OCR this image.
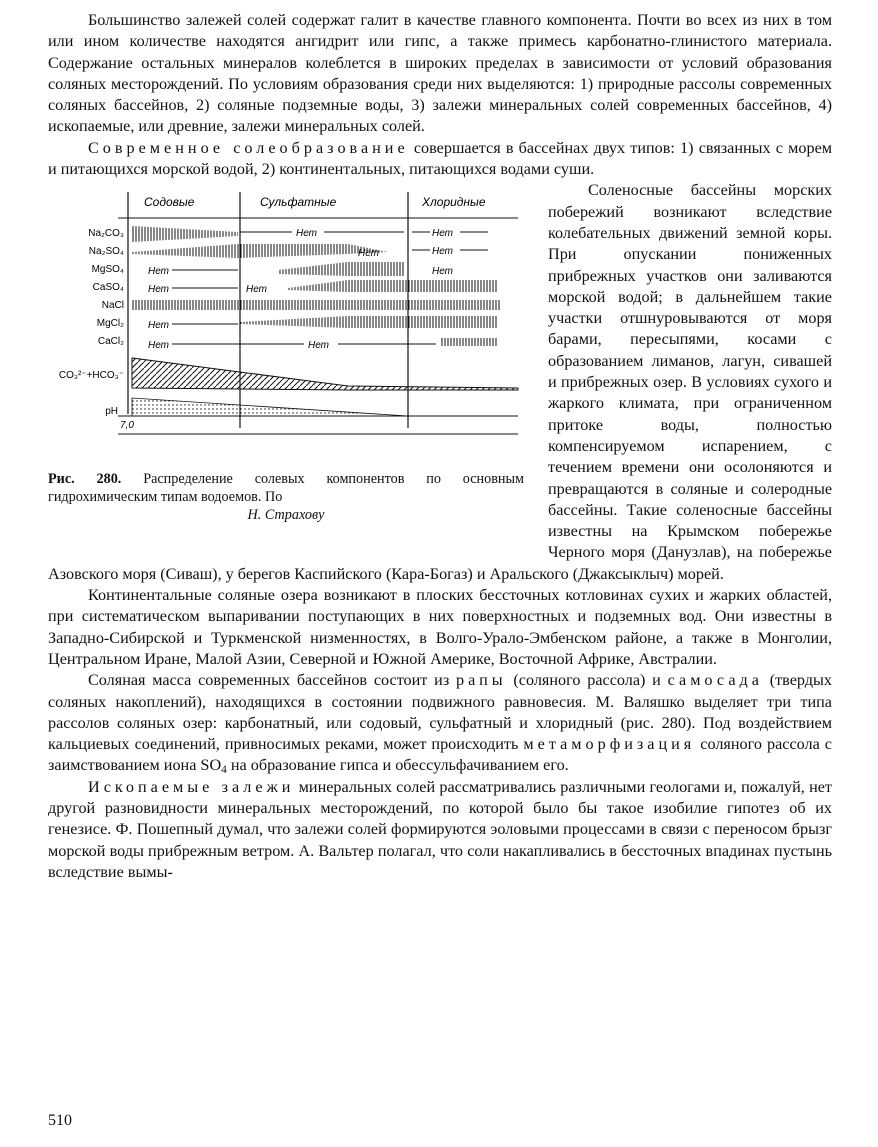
Большинство залежей солей содержат галит в качестве главного компонента. Почти во всех из них в том или ином количестве находятся ангидрит или гипс, а также примесь карбонатно-глинистого материала. Содержание остальных минералов колеблется в широких пределах в зависимости от условий образования соляных месторождений. По условиям образования среди них выделяются: 1) природные рассолы современных соляных бассейнов, 2) соляные подземные воды, 3) залежи минеральных солей современных бассейнов, 4) ископаемые, или древние, залежи минеральных солей.

Современное солеобразование совершается в бассейнах двух типов: 1) связанных с морем и питающихся морской водой, 2) континентальных, питающихся водами суши.

Содовые	Сульфатные	Хлоридные
Na₂CO₃
Na₂SO₄
MgSO₄
CaSO₄
NaCl
MgCl₂
CaCl₂
CO₃²⁻+HCO₃⁻
pH
7,0
Нет	Нет
Нет	Нет
Нет	Нет
Нет	Нет
Нет
Нет	Нет
Рис. 280. Распределение солевых компонентов по основным гидрохимическим типам водоемов. По
Н. Страхову

Соленосные бассейны морских побережий возникают вследствие колебательных движений земной коры. При опускании пониженных прибрежных участков они заливаются морской водой; в дальнейшем такие участки отшнуровываются от моря барами, пересыпями, косами с образованием лиманов, лагун, сивашей и прибрежных озер. В условиях сухого и жаркого климата, при ограниченном притоке воды, полностью компенсируемом испарением, с течением времени они осолоняются и превращаются в соляные и солеродные бассейны. Такие соленосные бассейны известны на Крымском побережье Черного моря (Данузлав), на побережье Азовского моря (Сиваш), у берегов Каспийского (Кара-Богаз) и Аральского (Джаксыклыч) морей.

Континентальные соляные озера возникают в плоских бессточных котловинах сухих и жарких областей, при систематическом выпаривании поступающих в них поверхностных и подземных вод. Они известны в Западно-Сибирской и Туркменской низменностях, в Волго-Урало-Эмбенском районе, а также в Монголии, Центральном Иране, Малой Азии, Северной и Южной Америке, Восточной Африке, Австралии.

Соляная масса современных бассейнов состоит из рапы (соляного рассола) и самосада (твердых соляных накоплений), находящихся в состоянии подвижного равновесия. М. Валяшко выделяет три типа рассолов соляных озер: карбонатный, или содовый, сульфатный и хлоридный (рис. 280). Под воздействием кальциевых соединений, привносимых реками, может происходить метаморфизация соляного рассола с заимствованием иона $SO_4$ на образование гипса и обессульфачиванием его.

Ископаемые залежи минеральных солей рассматривались различными геологами и, пожалуй, нет другой разновидности минеральных месторождений, по которой было бы такое изобилие гипотез об их генезисе. Ф. Пошепный думал, что залежи солей формируются эоловыми процессами в связи с переносом брызг морской воды прибрежным ветром. А. Вальтер полагал, что соли накапливались в бессточных впадинах пустынь вследствие вымы-

510
